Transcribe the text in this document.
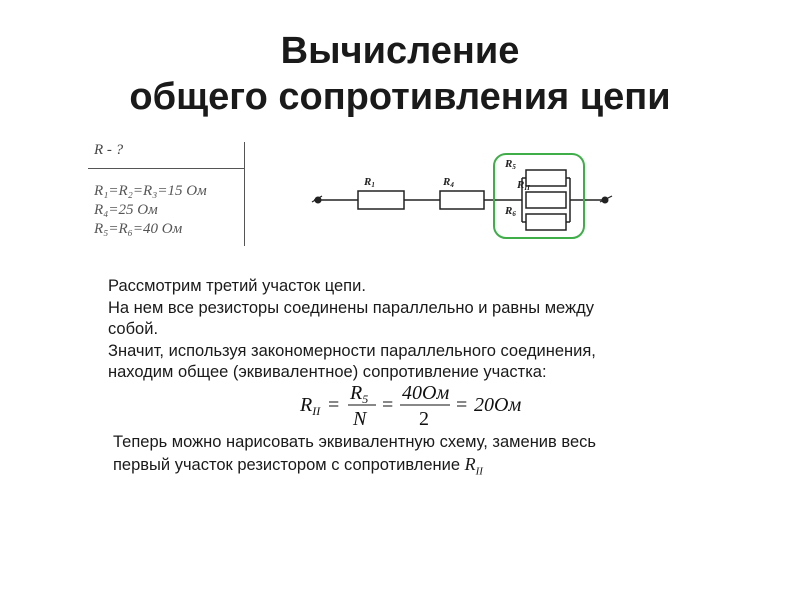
Вычисление
общего сопротивления цепи
R - ?
R₁=R₂=R₃=15 Ом
R₄=25 Ом
R₅=R₆=40 Ом
R1	R4
R5
RII
R6
Рассмотрим третий участок цепи.
На нем все резисторы соединены параллельно и равны между
собой.
Значит, используя закономерности параллельного соединения,
находим общее (эквивалентное) сопротивление участка:
$R_{II}$ =
$R_5$
N
=
40Ом
2
= 20Ом
Теперь можно нарисовать эквивалентную схему, заменив весь
первый участок резистором с сопротивление $R_{II}$
